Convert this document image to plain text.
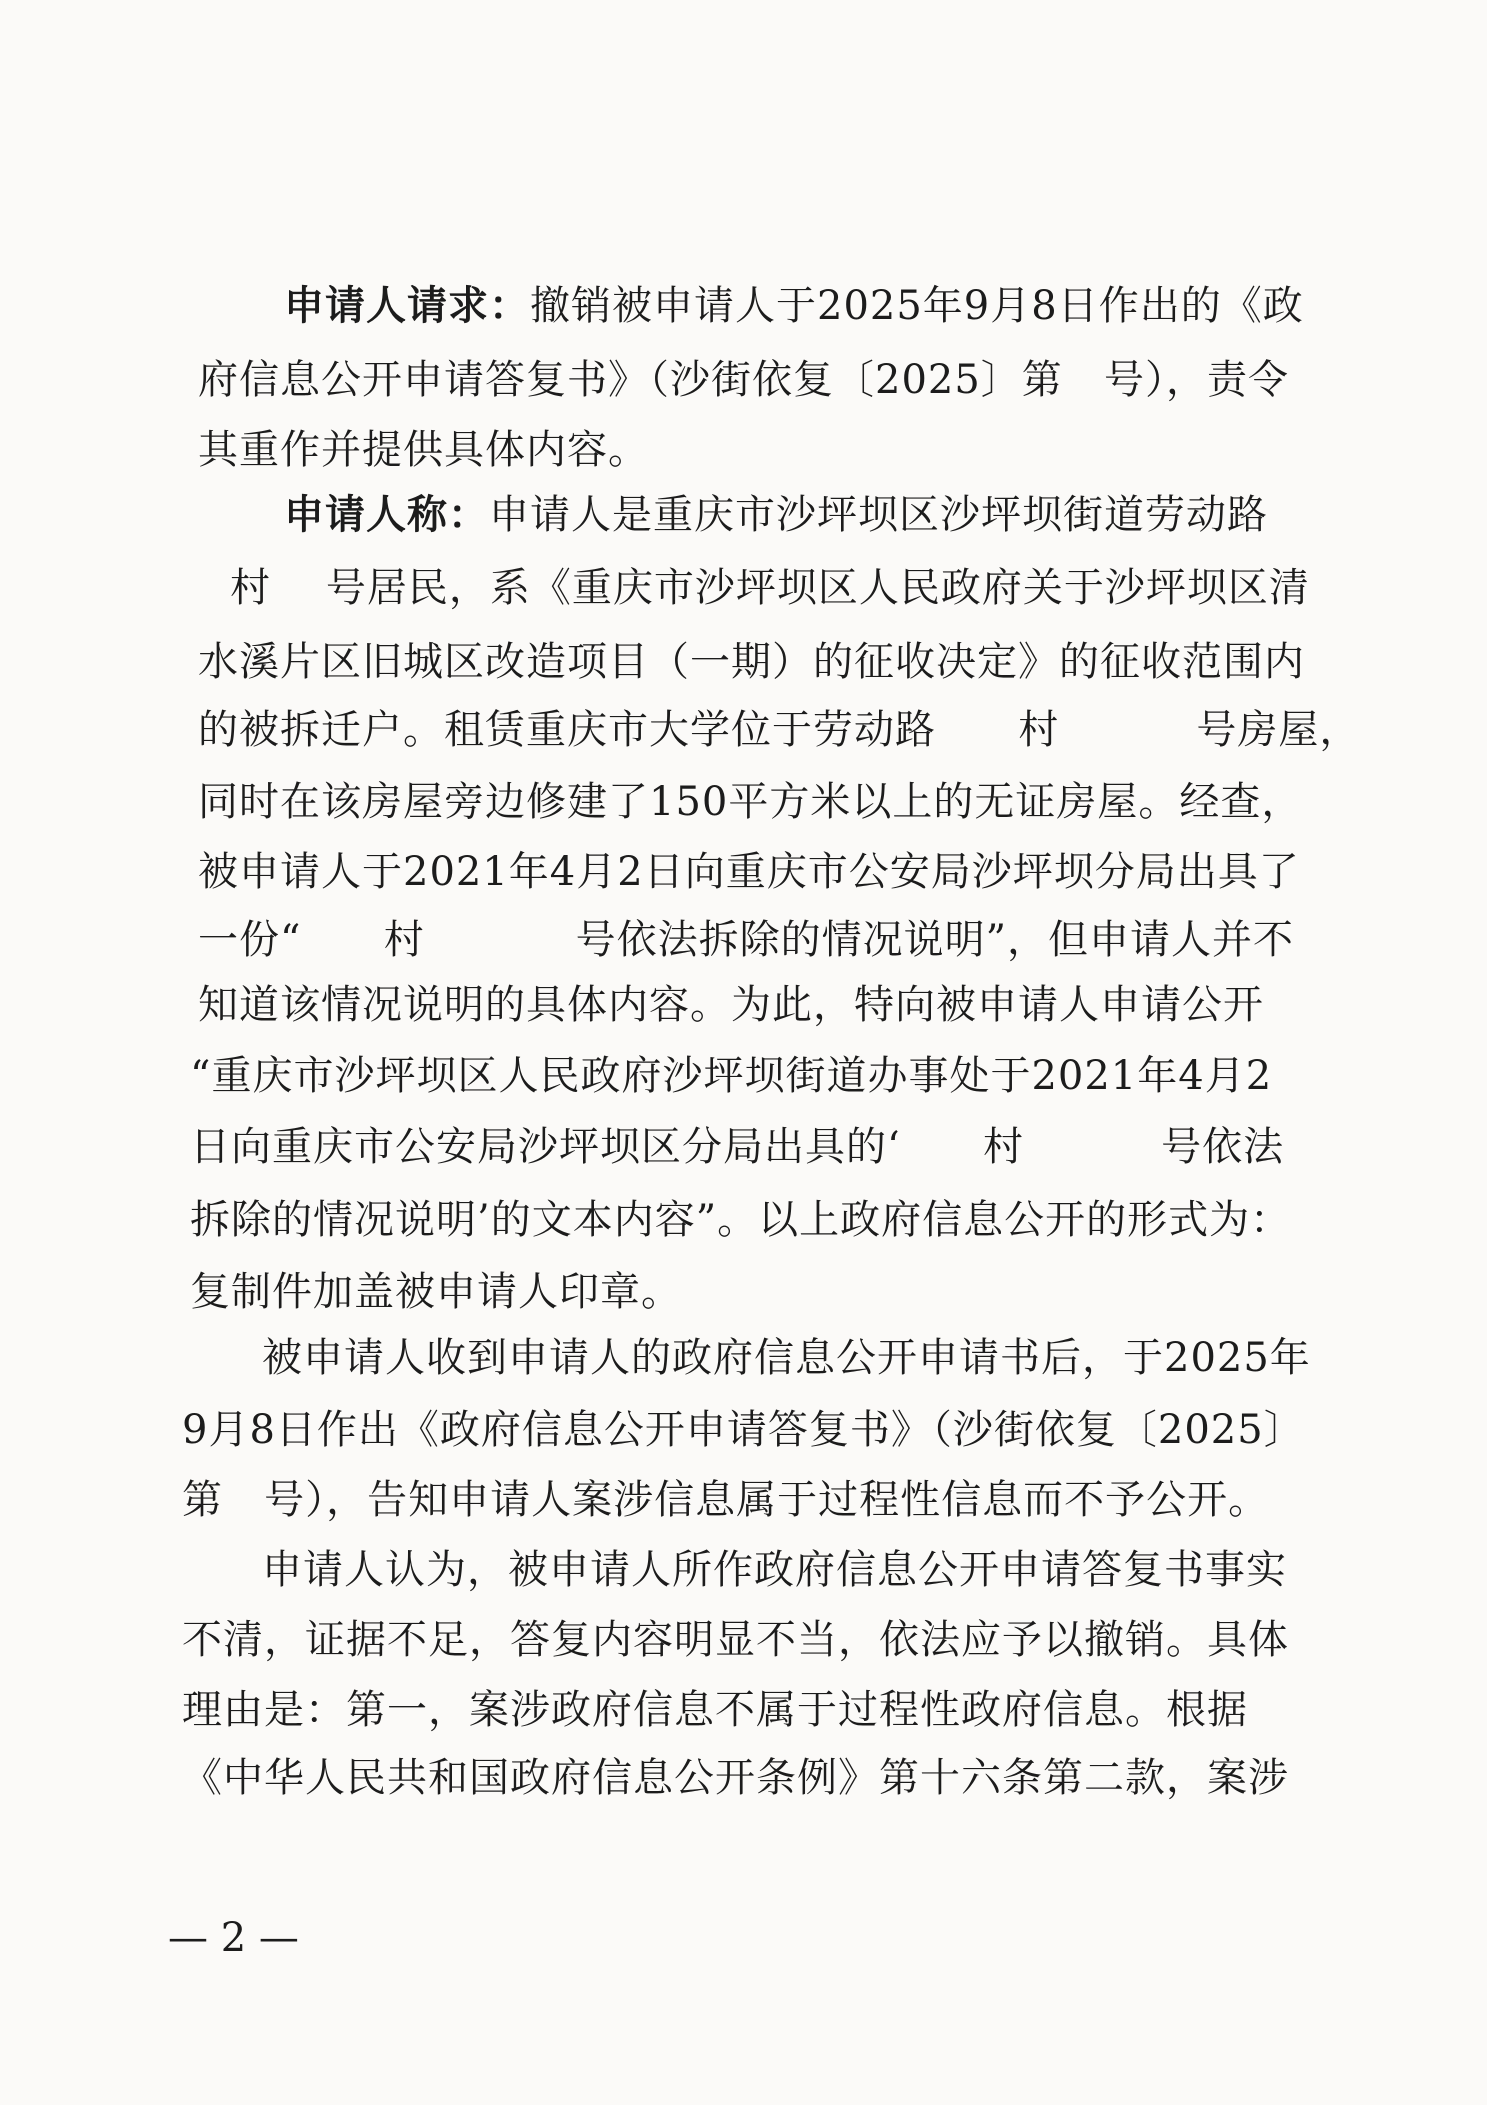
申请人请求：撤销被申请人于2025年9月8日作出的《政
府信息公开申请答复书》（沙街依复〔2025〕第   号），责令
其重作并提供具体内容。
申请人称：申请人是重庆市沙坪坝区沙坪坝街道劳动路
村    号居民，系《重庆市沙坪坝区人民政府关于沙坪坝区清
水溪片区旧城区改造项目（一期）的征收决定》的征收范围内
的被拆迁户。租赁重庆市大学位于劳动路      村          号房屋，
同时在该房屋旁边修建了150平方米以上的无证房屋。经查，
被申请人于2021年4月2日向重庆市公安局沙坪坝分局出具了
一份“      村           号依法拆除的情况说明”，但申请人并不
知道该情况说明的具体内容。为此，特向被申请人申请公开
“重庆市沙坪坝区人民政府沙坪坝街道办事处于2021年4月2
日向重庆市公安局沙坪坝区分局出具的‘      村          号依法
拆除的情况说明’的文本内容”。以上政府信息公开的形式为：
复制件加盖被申请人印章。
被申请人收到申请人的政府信息公开申请书后，于2025年
9月8日作出《政府信息公开申请答复书》（沙街依复〔2025〕
第   号），告知申请人案涉信息属于过程性信息而不予公开。
申请人认为，被申请人所作政府信息公开申请答复书事实
不清，证据不足，答复内容明显不当，依法应予以撤销。具体
理由是：第一，案涉政府信息不属于过程性政府信息。根据
《中华人民共和国政府信息公开条例》第十六条第二款，案涉
— 2 —
